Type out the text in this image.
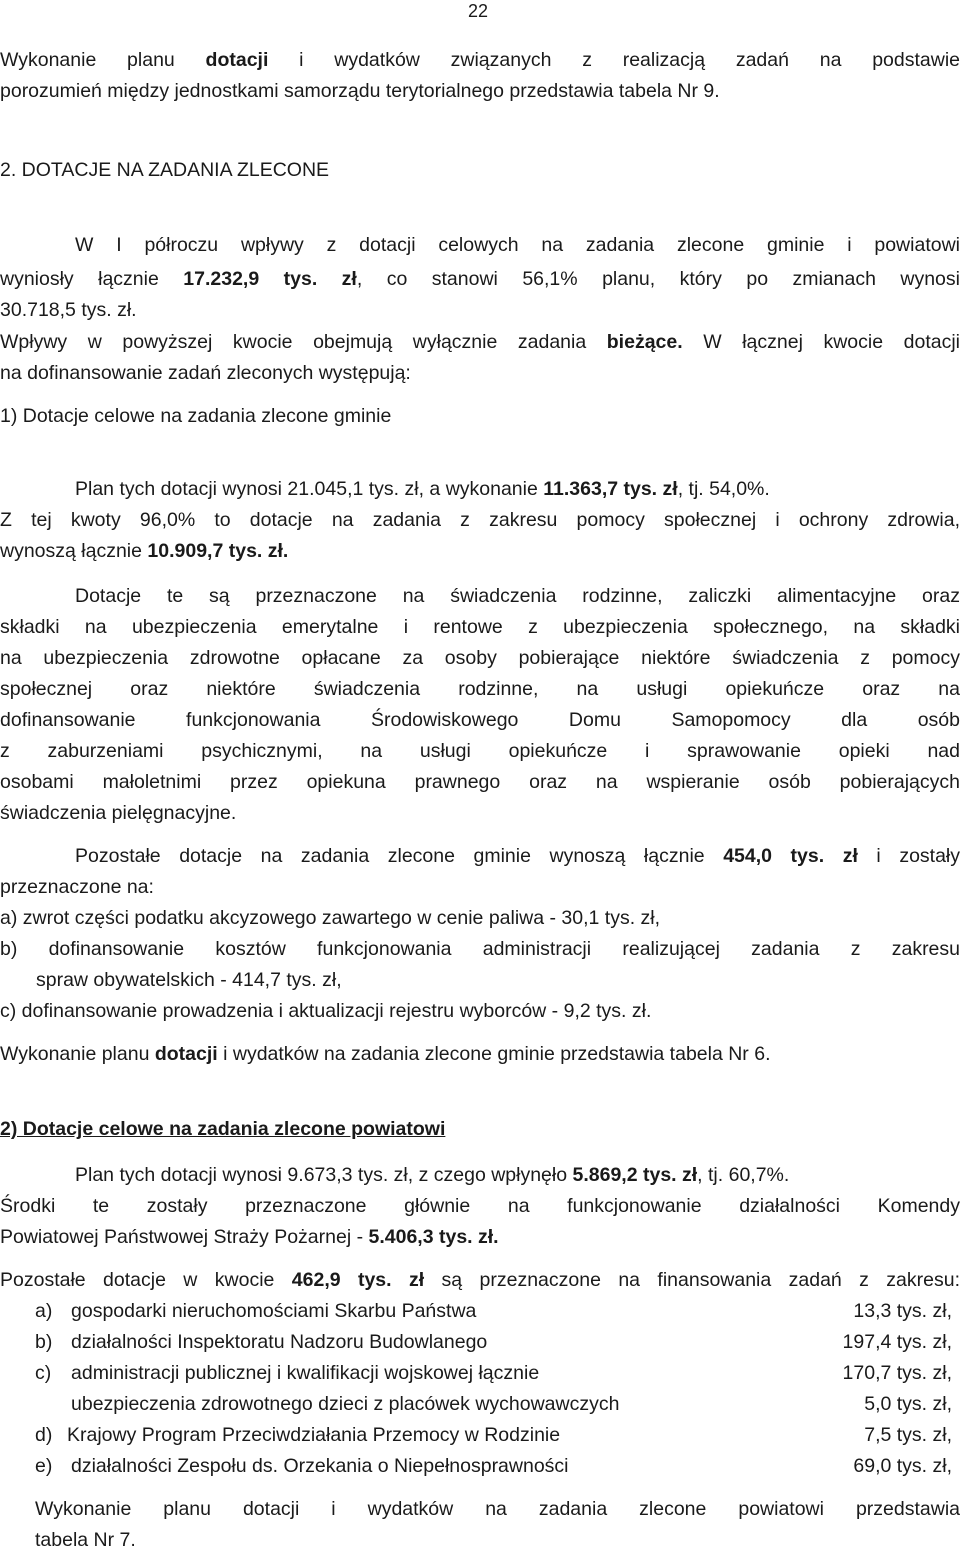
22
Wykonanie planu dotacji i wydatków związanych z realizacją zadań na podstawie
porozumień między jednostkami samorządu terytorialnego przedstawia tabela Nr 9.
2. DOTACJE NA ZADANIA ZLECONE
W I półroczu wpływy z dotacji celowych na zadania zlecone gminie i powiatowi
wyniosły łącznie 17.232,9 tys. zł, co stanowi 56,1% planu, który po zmianach wynosi
30.718,5 tys. zł.
Wpływy w powyższej kwocie obejmują wyłącznie zadania bieżące. W łącznej kwocie dotacji
na dofinansowanie zadań zleconych występują:
1) Dotacje celowe na zadania zlecone gminie
Plan tych dotacji wynosi 21.045,1 tys. zł, a wykonanie 11.363,7 tys. zł, tj. 54,0%.
Z tej kwoty 96,0% to dotacje na zadania z zakresu pomocy społecznej i ochrony zdrowia,
wynoszą łącznie 10.909,7 tys. zł.
Dotacje te są przeznaczone na świadczenia rodzinne, zaliczki alimentacyjne oraz
składki na ubezpieczenia emerytalne i rentowe z ubezpieczenia społecznego, na składki
na ubezpieczenia zdrowotne opłacane za osoby pobierające niektóre świadczenia z pomocy
społecznej oraz niektóre świadczenia rodzinne, na usługi opiekuńcze oraz na
dofinansowanie funkcjonowania Środowiskowego Domu Samopomocy dla osób
z zaburzeniami psychicznymi, na usługi opiekuńcze i sprawowanie opieki nad
osobami małoletnimi przez opiekuna prawnego oraz na wspieranie osób pobierających
świadczenia pielęgnacyjne.
Pozostałe dotacje na zadania zlecone gminie wynoszą łącznie 454,0 tys. zł i zostały
przeznaczone na:
a) zwrot części podatku akcyzowego zawartego w cenie paliwa - 30,1 tys. zł,
b) dofinansowanie kosztów funkcjonowania administracji realizującej zadania z zakresu
spraw obywatelskich - 414,7 tys. zł,
c) dofinansowanie prowadzenia i aktualizacji rejestru wyborców - 9,2 tys. zł.
Wykonanie planu dotacji i wydatków na zadania zlecone gminie przedstawia tabela Nr 6.
2) Dotacje celowe na zadania zlecone powiatowi
Plan tych dotacji wynosi 9.673,3 tys. zł, z czego wpłynęło 5.869,2 tys. zł, tj. 60,7%.
Środki te zostały przeznaczone głównie na funkcjonowanie działalności Komendy
Powiatowej Państwowej Straży Pożarnej - 5.406,3 tys. zł.
Pozostałe dotacje w kwocie 462,9 tys. zł są przeznaczone na finansowania zadań z zakresu:
a) gospodarki nieruchomościami Skarbu Państwa	13,3 tys. zł,
b) działalności Inspektoratu Nadzoru Budowlanego	197,4 tys. zł,
c) administracji publicznej i kwalifikacji wojskowej łącznie	170,7 tys. zł,
ubezpieczenia zdrowotnego dzieci z placówek wychowawczych	5,0 tys. zł,
d) Krajowy Program Przeciwdziałania Przemocy w Rodzinie	7,5 tys. zł,
e) działalności Zespołu ds. Orzekania o Niepełnosprawności	69,0 tys. zł,
Wykonanie planu dotacji i wydatków na zadania zlecone powiatowi przedstawia
tabela Nr 7.
